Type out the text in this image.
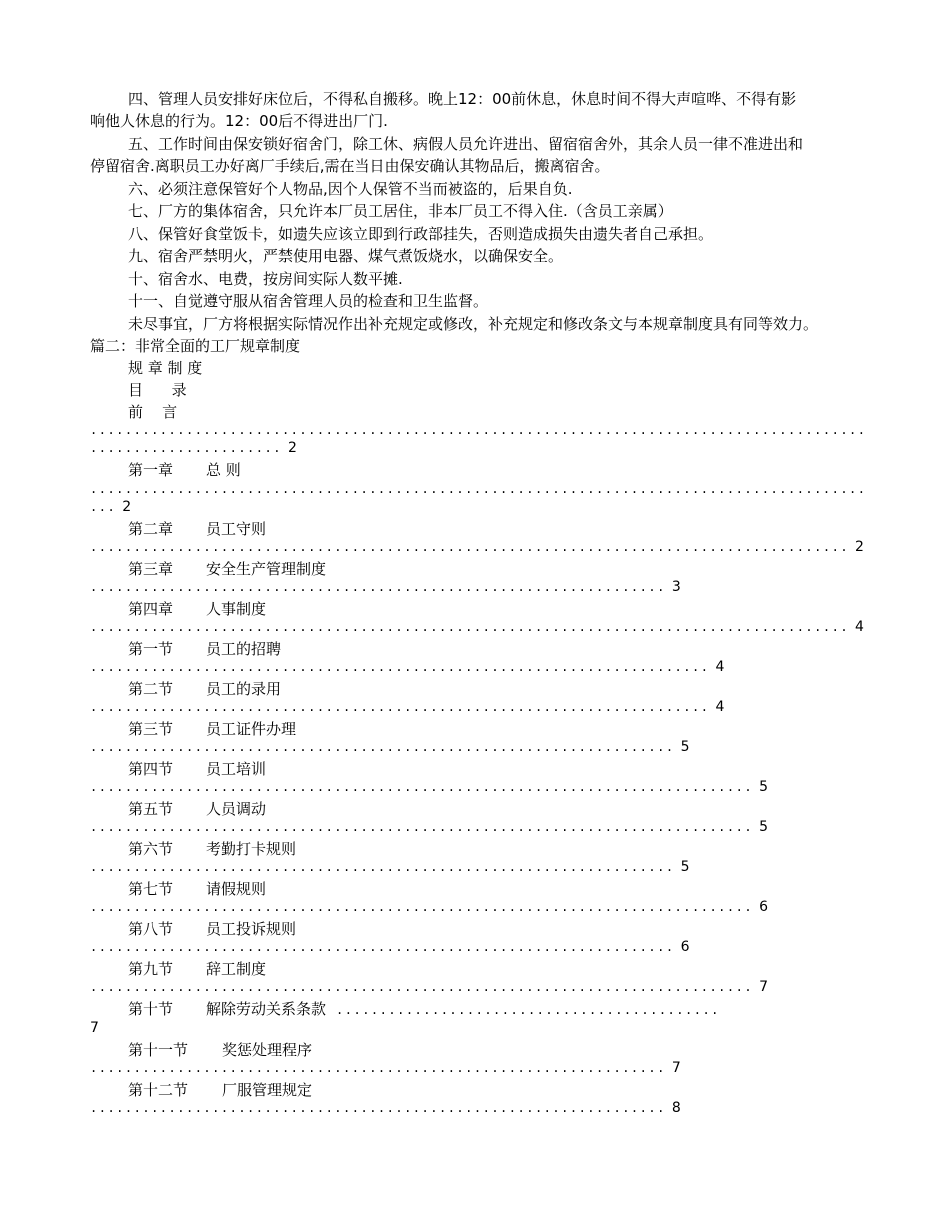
四、管理人员安排好床位后，不得私自搬移。晚上12：00前休息，休息时间不得大声喧哗、不得有影
响他人休息的行为。12：00后不得进出厂门.
五、工作时间由保安锁好宿舍门，除工休、病假人员允许进出、留宿宿舍外，其余人员一律不准进出和
停留宿舍.离职员工办好离厂手续后,需在当日由保安确认其物品后，搬离宿舍。
六、必须注意保管好个人物品,因个人保管不当而被盗的，后果自负.
七、厂方的集体宿舍，只允许本厂员工居住，非本厂员工不得入住.（含员工亲属）
八、保管好食堂饭卡，如遗失应该立即到行政部挂失，否则造成损失由遗失者自己承担。
九、宿舍严禁明火，严禁使用电器、煤气煮饭烧水，以确保安全。
十、宿舍水、电费，按房间实际人数平摊.
十一、自觉遵守服从宿舍管理人员的检查和卫生监督。
未尽事宜，厂方将根据实际情况作出补充规定或修改，补充规定和修改条文与本规章制度具有同等效力。
篇二：非常全面的工厂规章制度
规 章 制 度
目      录
前    言
.........................................................................................
...................... 2
第一章 总 则
.........................................................................................
... 2
第二章 员工守则
....................................................................................... 2
第三章 安全生产管理制度
.................................................................. 3
第四章 人事制度
....................................................................................... 4
第一节 员工的招聘
....................................................................... 4
第二节 员工的录用
....................................................................... 4
第三节 员工证件办理
................................................................... 5
第四节 员工培训
............................................................................ 5
第五节 人员调动
............................................................................ 5
第六节 考勤打卡规则
................................................................... 5
第七节 请假规则
............................................................................ 6
第八节 员工投诉规则
................................................................... 6
第九节 辞工制度
............................................................................ 7
第十节 解除劳动关系条款 ............................................
7
第十一节 奖惩处理程序
.................................................................. 7
第十二节 厂服管理规定
.................................................................. 8
